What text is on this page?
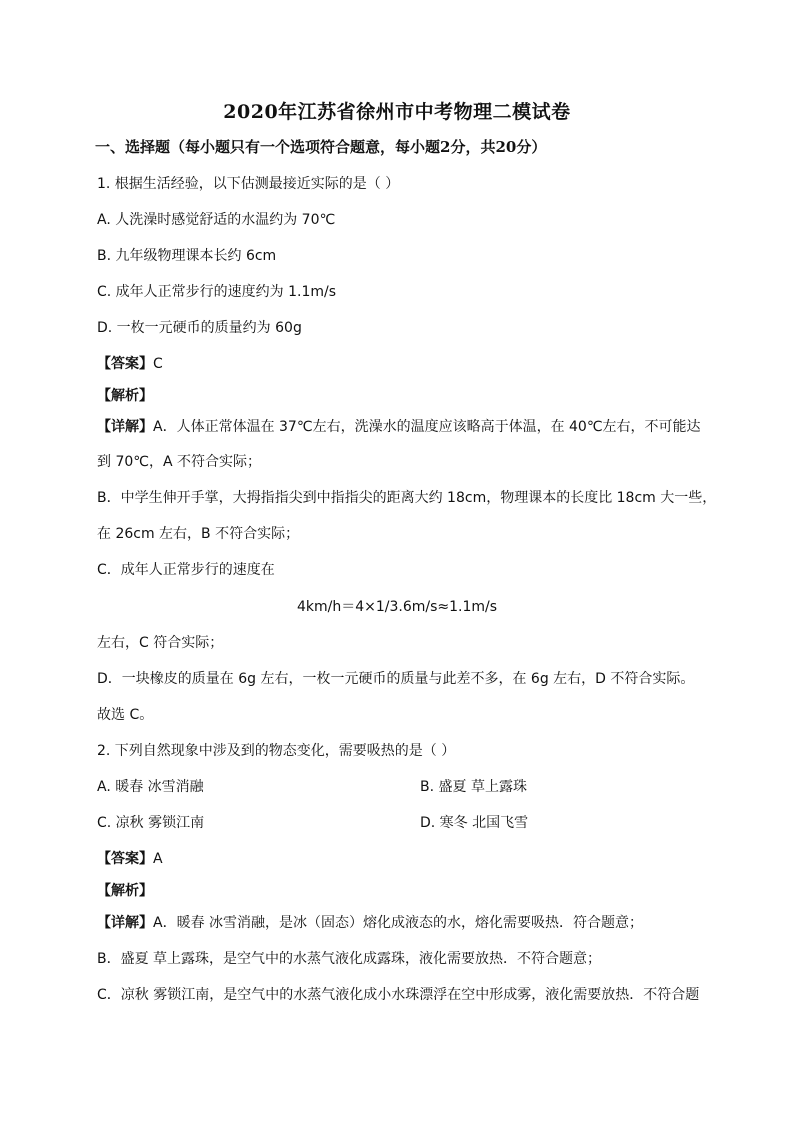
2020年江苏省徐州市中考物理二模试卷
一、选择题（每小题只有一个选项符合题意，每小题2分，共20分）
1. 根据生活经验，以下估测最接近实际的是（ ）
A. 人洗澡时感觉舒适的水温约为 70℃
B. 九年级物理课本长约 6cm
C. 成年人正常步行的速度约为 1.1m/s
D. 一枚一元硬币的质量约为 60g
【答案】C
【解析】
【详解】A．人体正常体温在 37℃左右，洗澡水的温度应该略高于体温，在 40℃左右，不可能达
到 70℃，A 不符合实际；
B．中学生伸开手掌，大拇指指尖到中指指尖的距离大约 18cm，物理课本的长度比 18cm 大一些，
在 26cm 左右，B 不符合实际；
C．成年人正常步行的速度在
4km/h＝4×1/3.6m/s≈1.1m/s
左右，C 符合实际；
D．一块橡皮的质量在 6g 左右，一枚一元硬币的质量与此差不多，在 6g 左右，D 不符合实际。
故选 C。
2. 下列自然现象中涉及到的物态变化，需要吸热的是（ ）
A. 暖春 冰雪消融	B. 盛夏 草上露珠
C. 凉秋 雾锁江南	D. 寒冬 北国飞雪
【答案】A
【解析】
【详解】A．暖春 冰雪消融，是冰（固态）熔化成液态的水，熔化需要吸热．符合题意；
B．盛夏 草上露珠，是空气中的水蒸气液化成露珠，液化需要放热．不符合题意；
C．凉秋 雾锁江南，是空气中的水蒸气液化成小水珠漂浮在空中形成雾，液化需要放热．不符合题
